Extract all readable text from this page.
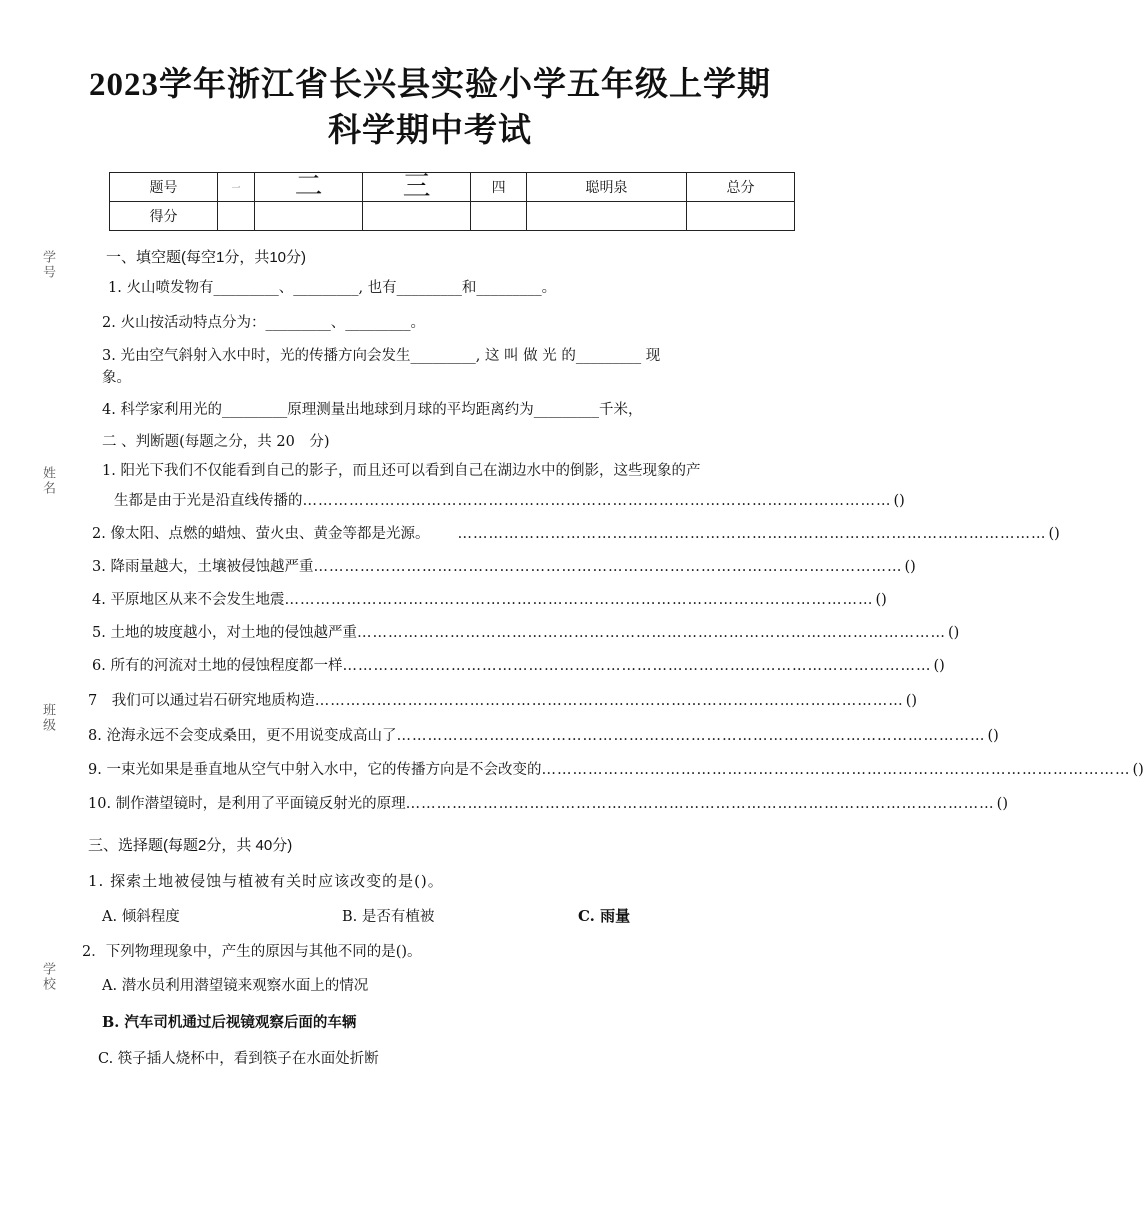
2023学年浙江省长兴县实验小学五年级上学期
科学期中考试
题号	一	二	三	四	聪明泉	总分
得分						
学号
姓名
班级
学校
一、填空题(每空1分，共10分)
1. 火山喷发物有_________、_________, 也有_________和_________。
2. 火山按活动特点分为：_________、_________。
3. 光由空气斜射入水中时，光的传播方向会发生_________, 这 叫 做 光 的_________ 现
象。
4. 科学家利用光的_________原理测量出地球到月球的平均距离约为_________千米，
二 、判断题(每题之分，共 20　分)
1. 阳光下我们不仅能看到自己的影子，而且还可以看到自己在湖边水中的倒影，这些现象的产
生都是由于光是沿直线传播的 …………………………………………………………………………………………………… ()
2. 像太阳、点燃的蜡烛、萤火虫、黄金等都是光源。	…………………………………………………………………………………………………… ()
3. 降雨量越大，土壤被侵蚀越严重 …………………………………………………………………………………………………… ()
4. 平原地区从来不会发生地震 …………………………………………………………………………………………………… ()
5. 土地的坡度越小，对土地的侵蚀越严重 …………………………………………………………………………………………………… ()
6. 所有的河流对土地的侵蚀程度都一样 …………………………………………………………………………………………………… ()
7　我们可以通过岩石研究地质构造 …………………………………………………………………………………………………… ()
8. 沧海永远不会变成桑田，更不用说变成高山了 …………………………………………………………………………………………………… ()
9. 一束光如果是垂直地从空气中射入水中，它的传播方向是不会改变的 …………………………………………………………………………………………………… ()
10. 制作潜望镜时，是利用了平面镜反射光的原理 …………………………………………………………………………………………………… ()
三、选择题(每题2分，共 40分)
1. 探索土地被侵蚀与植被有关时应该改变的是()。
A. 倾斜程度	B. 是否有植被	C. 雨量
2．下列物理现象中，产生的原因与其他不同的是()。
A. 潜水员利用潜望镜来观察水面上的情况
B. 汽车司机通过后视镜观察后面的车辆
C. 筷子插人烧杯中，看到筷子在水面处折断
